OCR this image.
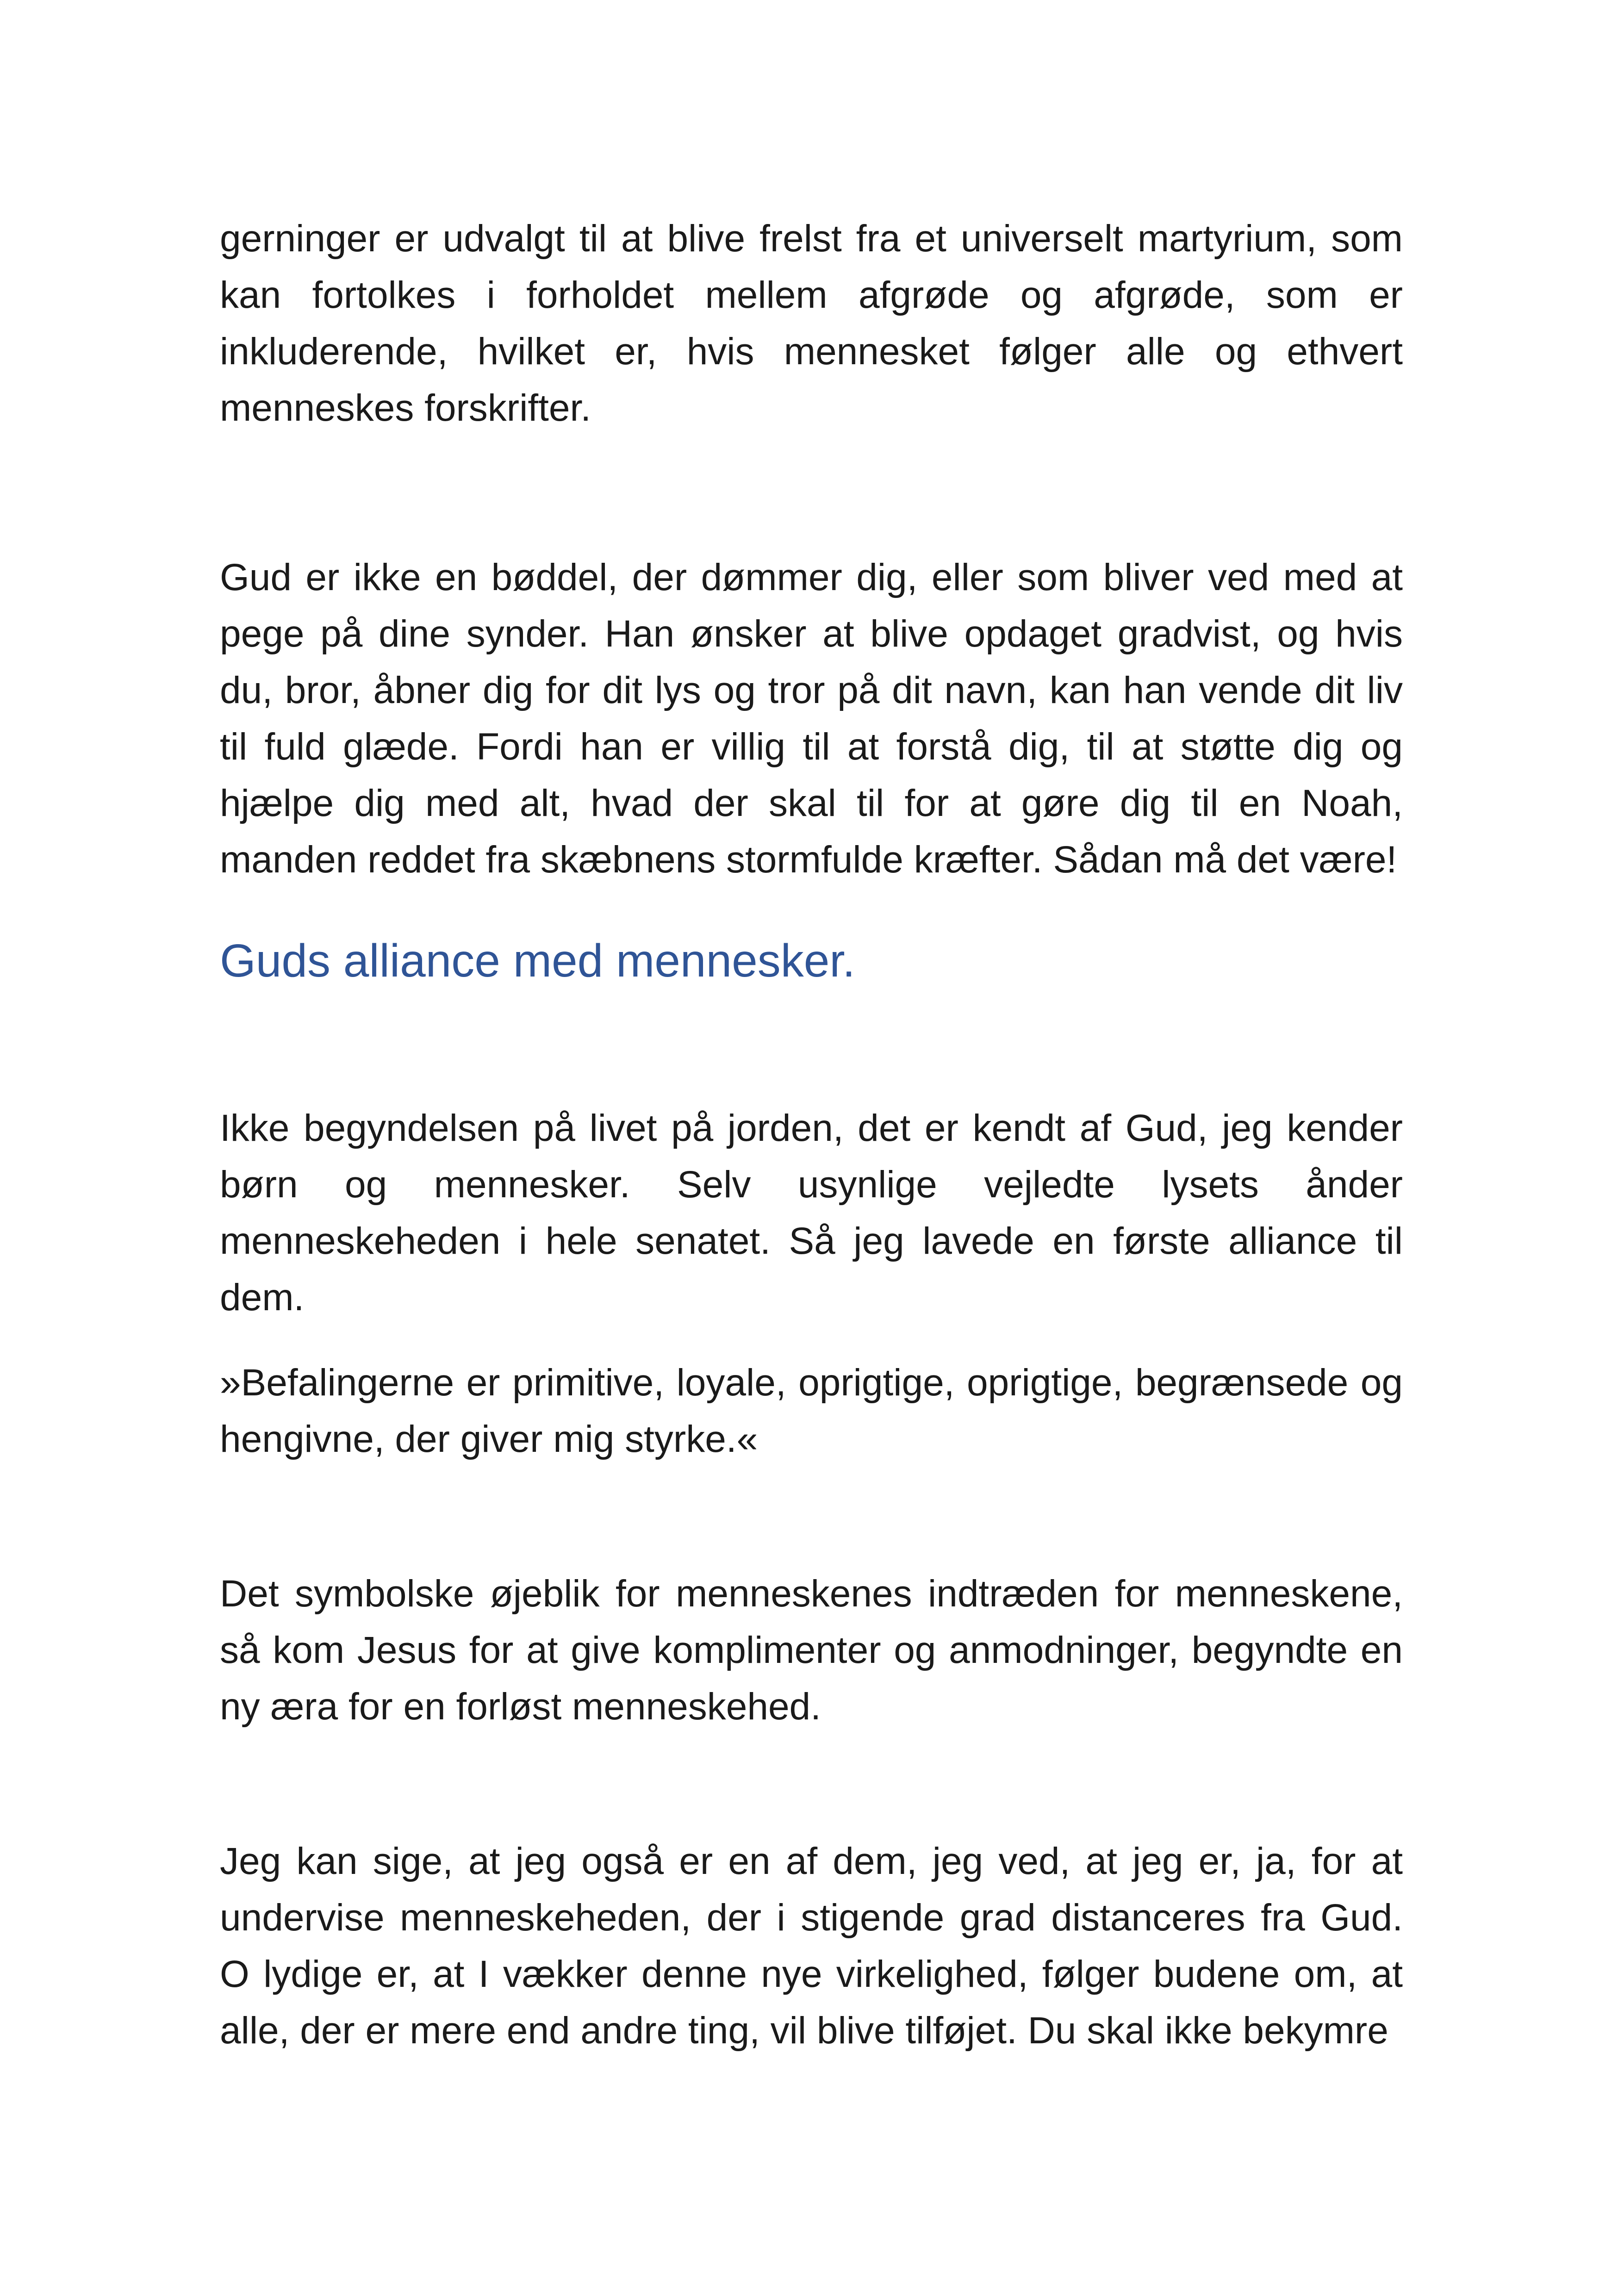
gerninger er udvalgt til at blive frelst fra et universelt martyrium, som kan fortolkes i forholdet mellem afgrøde og afgrøde, som er inkluderende, hvilket er, hvis mennesket følger alle og ethvert menneskes forskrifter.

Gud er ikke en bøddel, der dømmer dig, eller som bliver ved med at pege på dine synder. Han ønsker at blive opdaget gradvist, og hvis du, bror, åbner dig for dit lys og tror på dit navn, kan han vende dit liv til fuld glæde. Fordi han er villig til at forstå dig, til at støtte dig og hjælpe dig med alt, hvad der skal til for at gøre dig til en Noah, manden reddet fra skæbnens stormfulde kræfter. Sådan må det være!

Guds alliance med mennesker.

Ikke begyndelsen på livet på jorden, det er kendt af Gud, jeg kender børn og mennesker. Selv usynlige vejledte lysets ånder menneskeheden i hele senatet. Så jeg lavede en første alliance til dem.

»Befalingerne er primitive, loyale, oprigtige, oprigtige, begrænsede og hengivne, der giver mig styrke.«

Det symbolske øjeblik for menneskenes indtræden for menneskene, så kom Jesus for at give komplimenter og anmodninger, begyndte en ny æra for en forløst menneskehed.

Jeg kan sige, at jeg også er en af dem, jeg ved, at jeg er, ja, for at undervise menneskeheden, der i stigende grad distanceres fra Gud. O lydige er, at I vækker denne nye virkelighed, følger budene om, at alle, der er mere end andre ting, vil blive tilføjet. Du skal ikke bekymre
